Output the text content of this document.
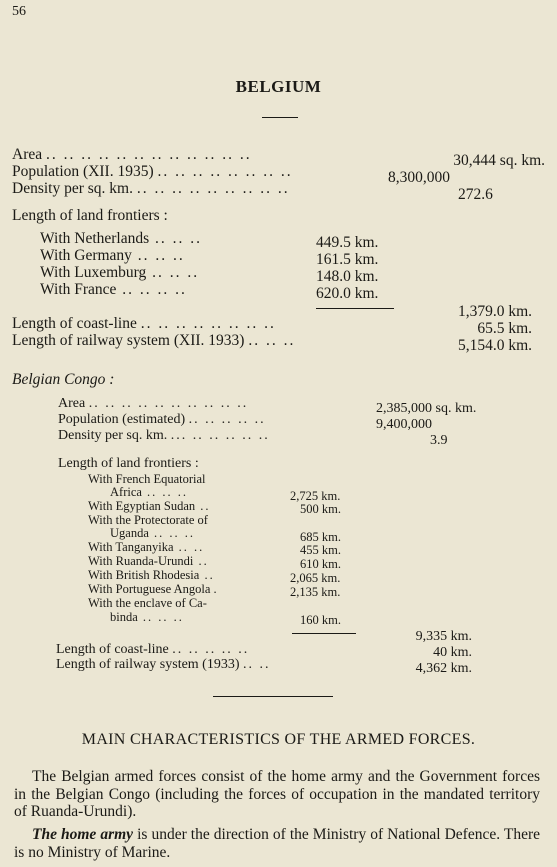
56
BELGIUM
Area .. .. .. .. .. .. .. .. .. .. .. ..	30,444 sq. km.
Population (XII. 1935) .. .. .. .. .. .. .. ..	8,300,000
Density per sq. km. .. .. .. .. .. .. .. .. ..	272.6
Length of land frontiers :
With Netherlands .. .. ..	449.5 km.
With Germany .. .. ..	161.5 km.
With Luxemburg .. .. ..	148.0 km.
With France .. .. .. ..	620.0 km.
1,379.0 km.
Length of coast-line .. .. .. .. .. .. .. ..	65.5 km.
Length of railway system (XII. 1933) .. .. ..	5,154.0 km.
Belgian Congo :
Area .. .. .. .. .. .. .. .. .. ..	2,385,000 sq. km.
Population (estimated) .. .. .. .. ..	9,400,000
Density per sq. km. ... .. .. .. .. ..	3.9
Length of land frontiers :
With French Equatorial
Africa .. .. ..	2,725 km.
With Egyptian Sudan ..	500 km.
With the Protectorate of
Uganda .. .. ..	685 km.
With Tanganyika .. ..	455 km.
With Ruanda-Urundi ..	610 km.
With British Rhodesia ..	2,065 km.
With Portuguese Angola .	2,135 km.
With the enclave of Ca-
binda .. .. ..	160 km.
9,335 km.
Length of coast-line .. .. .. .. ..	40 km.
Length of railway system (1933) .. ..	4,362 km.
MAIN CHARACTERISTICS OF THE ARMED FORCES.
The Belgian armed forces consist of the home army and the Government forces in the Belgian Congo (including the forces of occupation in the mandated territory of Ruanda-Urundi).
The home army is under the direction of the Ministry of National Defence. There is no Ministry of Marine.
